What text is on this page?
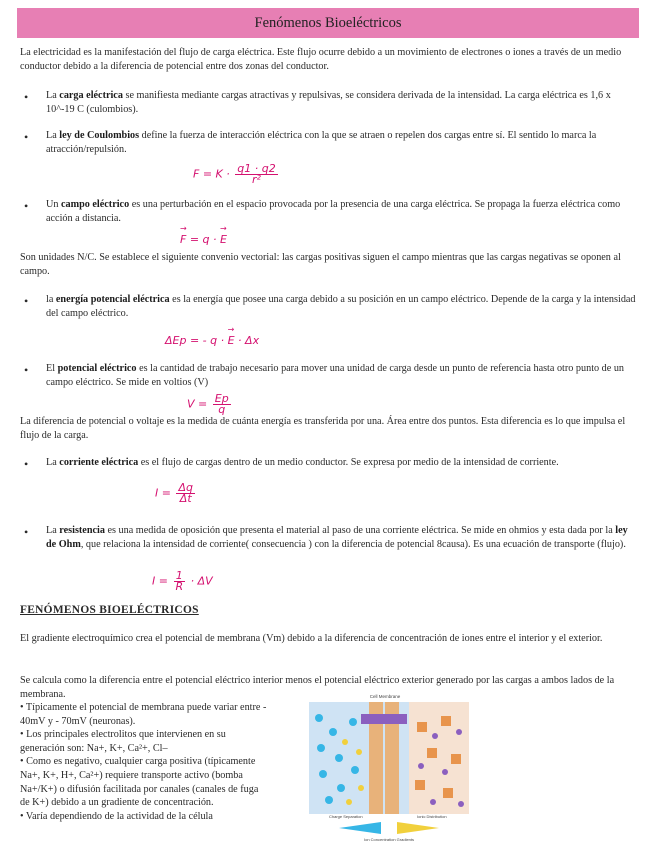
Fenómenos Bioeléctricos
La electricidad es la manifestación del flujo de carga eléctrica. Este flujo ocurre debido a un movimiento de electrones o iones a través de un medio conductor debido a la diferencia de potencial entre dos zonas del conductor.
• La carga eléctrica se manifiesta mediante cargas atractivas y repulsivas, se considera derivada de la intensidad. La carga eléctrica es 1,6 x 10^-19 C (culombios).
• La ley de Coulombios define la fuerza de interacción eléctrica con la que se atraen o repelen dos cargas entre sí. El sentido lo marca la atracción/repulsión.
$F = K \cdot \frac{q1 \cdot q2}{\text{r²}}$
• Un campo eléctrico es una perturbación en el espacio provocada por la presencia de una carga eléctrica. Se propaga la fuerza eléctrica como acción a distancia.
→ F = q · → E
Son unidades N/C. Se establece el siguiente convenio vectorial: las cargas positivas siguen el campo mientras que las cargas negativas se oponen al campo.
• la energía potencial eléctrica es la energía que posee una carga debido a su posición en un campo eléctrico. Depende de la carga y la intensidad del campo eléctrico.
ΔEp = - q · → E · Δx
• El potencial eléctrico es la cantidad de trabajo necesario para mover una unidad de carga desde un punto de referencia hasta otro punto de un campo eléctrico. Se mide en voltios (V)
$V = \frac{Ep}{q}$
La diferencia de potencial o voltaje es la medida de cuánta energía es transferida por una. Área entre dos puntos. Esta diferencia es lo que impulsa el flujo de la carga.
• La corriente eléctrica es el flujo de cargas dentro de un medio conductor. Se expresa por medio de la intensidad de corriente.
$I = \frac{\Delta q}{\Delta t}$
• La resistencia es una medida de oposición que presenta el material al paso de una corriente eléctrica. Se mide en ohmios y esta dada por la ley de Ohm, que relaciona la intensidad de corriente( consecuencia ) con la diferencia de potencial 8causa). Es una ecuación de transporte (flujo).
$I = \frac{1}{R} \cdot \Delta V$
FENÓMENOS BIOELÉCTRICOS
El gradiente electroquímico crea el potencial de membrana (Vm) debido a la diferencia de concentración de iones entre el interior y el exterior.
Se calcula como la diferencia entre el potencial eléctrico interior menos el potencial eléctrico exterior generado por las cargas a ambos lados de la membrana.
• Típicamente el potencial de membrana puede variar entre - 40mV y - 70mV (neuronas).
• Los principales electrolitos que intervienen en su generación son: Na+, K+, Ca²+, Cl–
• Como es negativo, cualquier carga positiva (típicamente Na+, K+, H+, Ca²+) requiere transporte activo (bomba Na+/K+) o difusión facilitada por canales (canales de fuga de K+) debido a un gradiente de concentración.
• Varía dependiendo de la actividad de la célula
Cell Membrane
Charge Separation	Ionic Distribution
Ion Concentration Gradients
